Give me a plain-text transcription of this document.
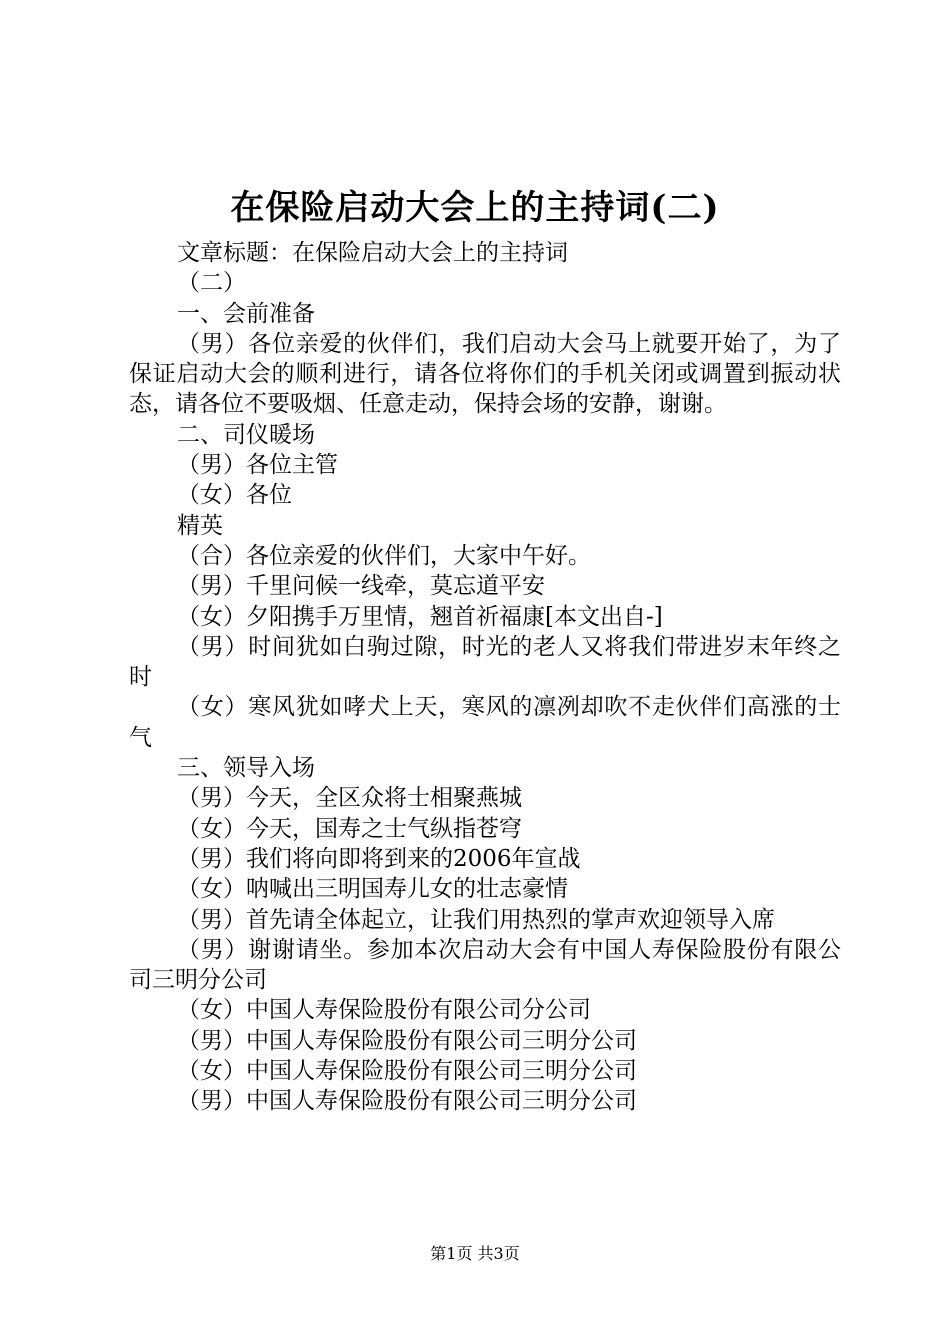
在保险启动大会上的主持词(二)

文章标题：在保险启动大会上的主持词

（二）

一、会前准备

（男）各位亲爱的伙伴们，我们启动大会马上就要开始了，为了保证启动大会的顺利进行，请各位将你们的手机关闭或调置到振动状态，请各位不要吸烟、任意走动，保持会场的安静，谢谢。

二、司仪暖场

（男）各位主管

（女）各位

精英

（合）各位亲爱的伙伴们，大家中午好。

（男）千里问候一线牵，莫忘道平安

（女）夕阳携手万里情，翘首祈福康[本文出自-]

（男）时间犹如白驹过隙，时光的老人又将我们带进岁末年终之时

（女）寒风犹如哮犬上天，寒风的凛冽却吹不走伙伴们高涨的士气

三、领导入场

（男）今天，全区众将士相聚燕城

（女）今天，国寿之士气纵指苍穹

（男）我们将向即将到来的2006年宣战

（女）呐喊出三明国寿儿女的壮志豪情

（男）首先请全体起立，让我们用热烈的掌声欢迎领导入席

（男）谢谢请坐。参加本次启动大会有中国人寿保险股份有限公司三明分公司

（女）中国人寿保险股份有限公司分公司

（男）中国人寿保险股份有限公司三明分公司

（女）中国人寿保险股份有限公司三明分公司

（男）中国人寿保险股份有限公司三明分公司

第1页 共3页
